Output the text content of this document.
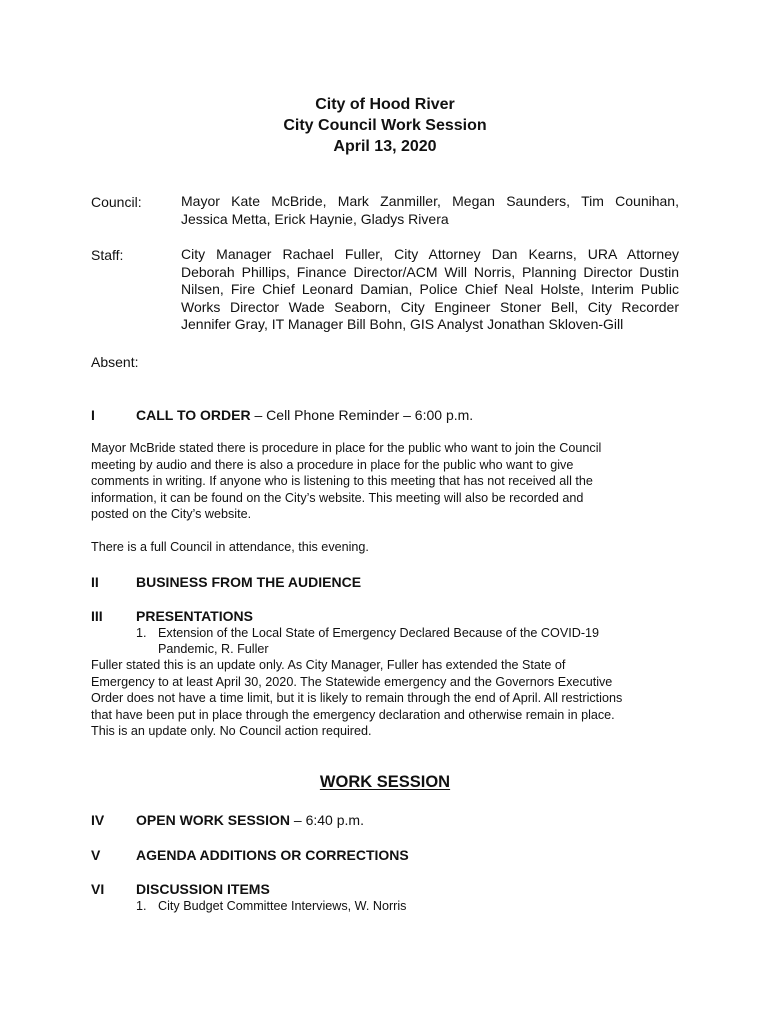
City of Hood River
City Council Work Session
April 13, 2020
Council:	Mayor Kate McBride, Mark Zanmiller, Megan Saunders, Tim Counihan,
Jessica Metta, Erick Haynie, Gladys Rivera
Staff:	City Manager Rachael Fuller, City Attorney Dan Kearns, URA Attorney
Deborah Phillips, Finance Director/ACM Will Norris, Planning Director Dustin
Nilsen, Fire Chief Leonard Damian, Police Chief Neal Holste, Interim Public
Works Director Wade Seaborn, City Engineer Stoner Bell, City Recorder
Jennifer Gray, IT Manager Bill Bohn, GIS Analyst Jonathan Skloven-Gill
Absent:
I	CALL TO ORDER – Cell Phone Reminder – 6:00 p.m.
Mayor McBride stated there is procedure in place for the public who want to join the Council
meeting by audio and there is also a procedure in place for the public who want to give
comments in writing. If anyone who is listening to this meeting that has not received all the
information, it can be found on the City’s website. This meeting will also be recorded and
posted on the City’s website.
There is a full Council in attendance, this evening.
II	BUSINESS FROM THE AUDIENCE
III PRESENTATIONS
1. Extension of the Local State of Emergency Declared Because of the COVID-19
Pandemic, R. Fuller
Fuller stated this is an update only. As City Manager, Fuller has extended the State of
Emergency to at least April 30, 2020. The Statewide emergency and the Governors Executive
Order does not have a time limit, but it is likely to remain through the end of April. All restrictions
that have been put in place through the emergency declaration and otherwise remain in place.
This is an update only. No Council action required.
WORK SESSION
IV OPEN WORK SESSION – 6:40 p.m.
V	AGENDA ADDITIONS OR CORRECTIONS
VI DISCUSSION ITEMS
1. City Budget Committee Interviews, W. Norris
